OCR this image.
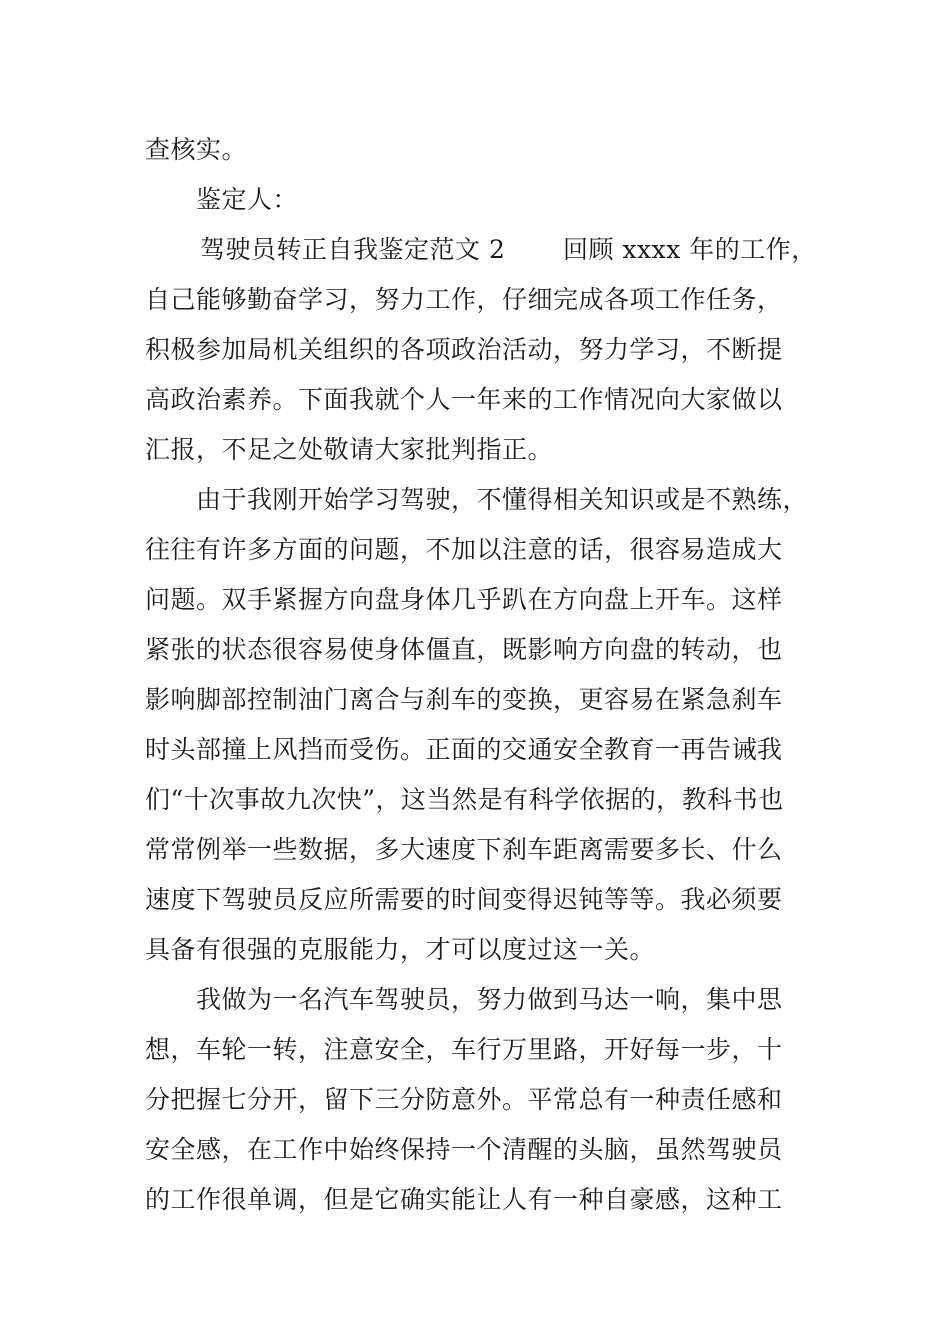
查核实。
鉴定人：
驾驶员转正自我鉴定范文 2 回顾 xxxx 年的工作，
自己能够勤奋学习，努力工作，仔细完成各项工作任务，
积极参加局机关组织的各项政治活动，努力学习，不断提
高政治素养。下面我就个人一年来的工作情况向大家做以
汇报，不足之处敬请大家批判指正。
由于我刚开始学习驾驶，不懂得相关知识或是不熟练，
往往有许多方面的问题，不加以注意的话，很容易造成大
问题。双手紧握方向盘身体几乎趴在方向盘上开车。这样
紧张的状态很容易使身体僵直，既影响方向盘的转动，也
影响脚部控制油门离合与刹车的变换，更容易在紧急刹车
时头部撞上风挡而受伤。正面的交通安全教育一再告诫我
们“十次事故九次快”，这当然是有科学依据的，教科书也
常常例举一些数据，多大速度下刹车距离需要多长、什么
速度下驾驶员反应所需要的时间变得迟钝等等。我必须要
具备有很强的克服能力，才可以度过这一关。
我做为一名汽车驾驶员，努力做到马达一响，集中思
想，车轮一转，注意安全，车行万里路，开好每一步，十
分把握七分开，留下三分防意外。平常总有一种责任感和
安全感，在工作中始终保持一个清醒的头脑，虽然驾驶员
的工作很单调，但是它确实能让人有一种自豪感，这种工
